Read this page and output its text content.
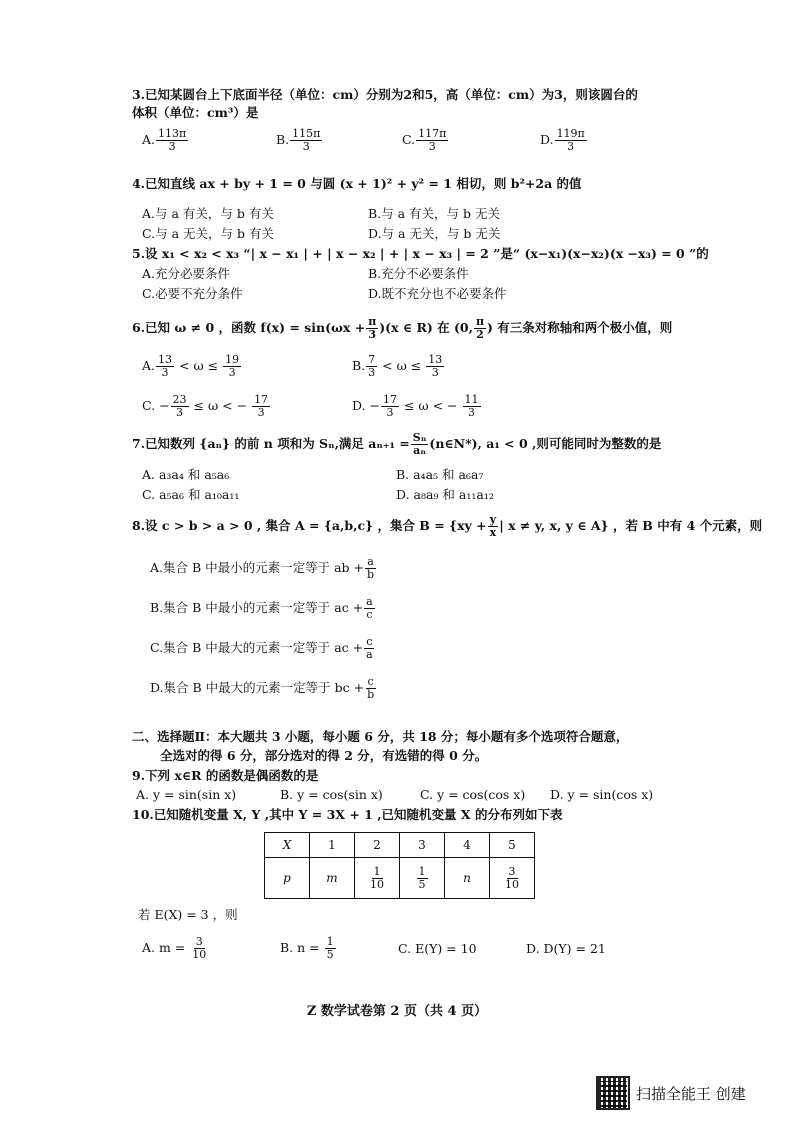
3.已知某圆台上下底面半径（单位：cm）分别为2和5，高（单位：cm）为3，则该圆台的
体积（单位：cm³）是
A. $\frac{113\pi}{3}$	B. $\frac{115\pi}{3}$	C. $\frac{117\pi}{3}$	D. $\frac{119\pi}{3}$
4.已知直线 ax + by + 1 = 0 与圆 (x + 1)² + y² = 1 相切，则 b²+2a 的值
A.与 a 有关，与 b 有关	B.与 a 有关，与 b 无关
C.与 a 无关，与 b 有关	D.与 a 无关，与 b 无关
5.设 x₁ < x₂ < x₃ “| x − x₁ | + | x − x₂ | + | x − x₃ | = 2 ”是“ (x−x₁)(x−x₂)(x −x₃) = 0 ”的
A.充分必要条件	B.充分不必要条件
C.必要不充分条件	D.既不充分也不必要条件
6.已知 ω ≠ 0 ，函数 $f(x) = \sin(\omega x + \frac{\pi}{3} )(x$ ∈ R) 在 (0, $\frac{\pi}{2}$ ) 有三条对称轴和两个极小值，则
A. $\frac{13}{3} < \omega \le \frac{19}{3}$	B. $\frac{7}{3} < \omega \le \frac{13}{3}$
C. − $\frac{23}{3} \le \omega$ < − $\frac{17}{3}$	D. − $\frac{17}{3} \le \omega$ < − $\frac{11}{3}$
7.已知数列 {aₙ} 的前 n 项和为 Sₙ,满足 $a_{n+1} = \frac{\text{Sₙ}}{\text{aₙ}}$ (n∈N*), a₁ < 0 ,则可能同时为整数的是
A. a₃a₄ 和 a₅a₆	B. a₄a₅ 和 a₆a₇
C. a₅a₆ 和 a₁₀a₁₁	D. a₈a₉ 和 a₁₁a₁₂
8.设 c > b > a > 0 , 集合 A = {a,b,c} ，集合 $B = \{xy + \frac{y}{x}$ | x ≠ y, x, y ∈ A} ，若 B 中有 4 个元素，则
A.集合 B 中最小的元素一定等于 ab + $\frac{a}{b}$
B.集合 B 中最小的元素一定等于 ac + $\frac{a}{c}$
C.集合 B 中最大的元素一定等于 ac + $\frac{c}{a}$
D.集合 B 中最大的元素一定等于 bc + $\frac{c}{b}$
二、选择题Ⅱ：本大题共 3 小题，每小题 6 分，共 18 分；每小题有多个选项符合题意，
全选对的得 6 分，部分选对的得 2 分，有选错的得 0 分。
9.下列 x∈R 的函数是偶函数的是
A. y = sin(sin x)	B. y = cos(sin x)	C. y = cos(cos x) D. y = sin(cos x)
10.已知随机变量 X, Y ,其中 Y = 3X + 1 ,已知随机变量 X 的分布列如下表
X	1	2	3	4	5
p	m	$\frac{1}{10}$	$\frac{1}{5}$	n	$\frac{3}{10}$
若 E(X) = 3 ，则
A. $m = \frac{3}{10}$	B. $n = \frac{1}{5}$	C. E(Y) = 10	D. D(Y) = 21
Z 数学试卷第 2 页（共 4 页）
扫描全能王 创建
